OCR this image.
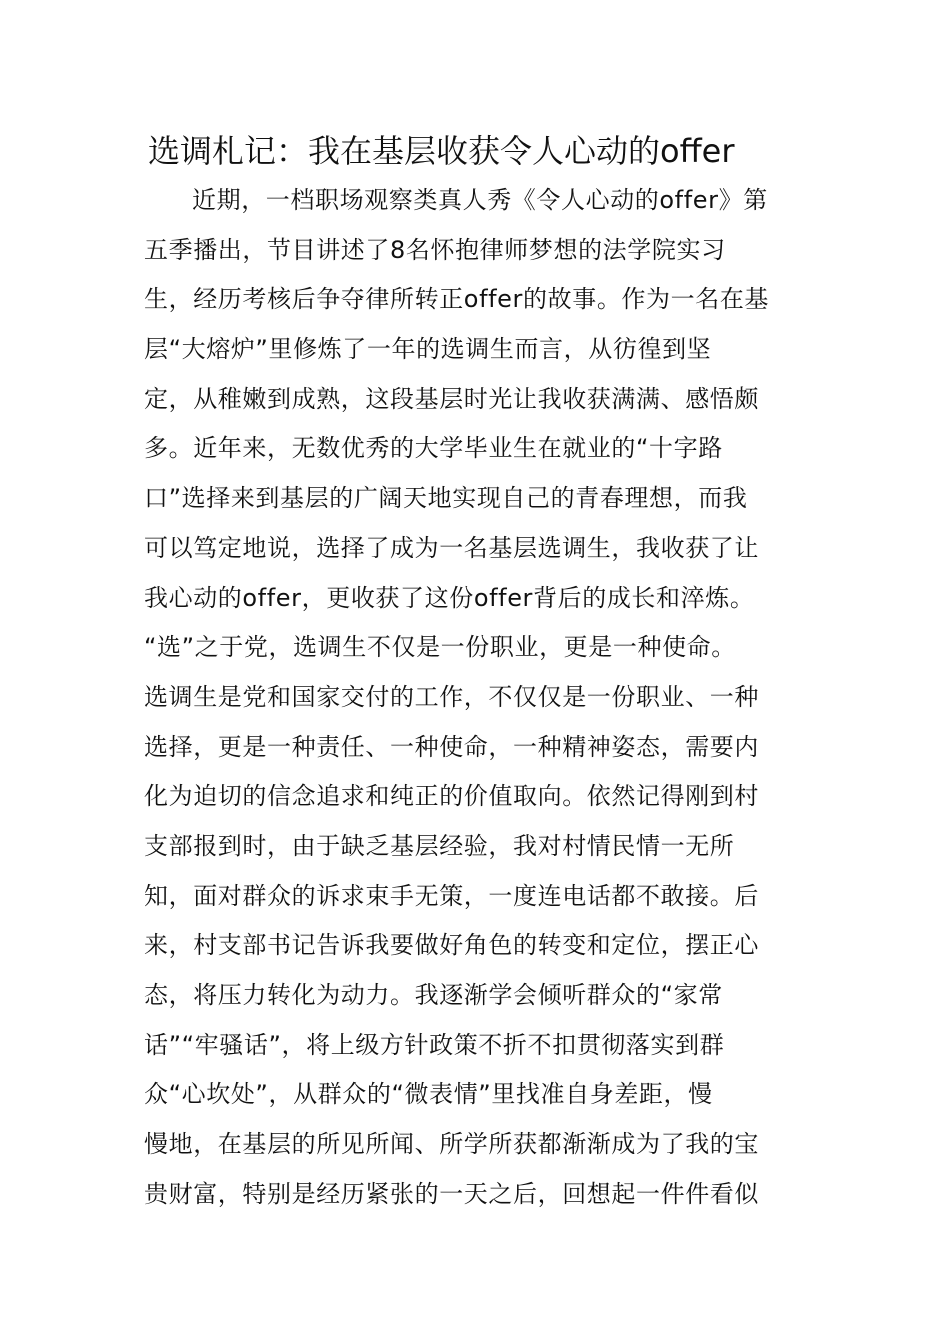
选调札记：我在基层收获令人心动的offer
近期，一档职场观察类真人秀《令人心动的offer》第
五季播出，节目讲述了8名怀抱律师梦想的法学院实习
生，经历考核后争夺律所转正offer的故事。作为一名在基
层“大熔炉”里修炼了一年的选调生而言，从彷徨到坚
定，从稚嫩到成熟，这段基层时光让我收获满满、感悟颇
多。近年来，无数优秀的大学毕业生在就业的“十字路
口”选择来到基层的广阔天地实现自己的青春理想，而我
可以笃定地说，选择了成为一名基层选调生，我收获了让
我心动的offer，更收获了这份offer背后的成长和淬炼。
“选”之于党，选调生不仅是一份职业，更是一种使命。
选调生是党和国家交付的工作，不仅仅是一份职业、一种
选择，更是一种责任、一种使命，一种精神姿态，需要内
化为迫切的信念追求和纯正的价值取向。依然记得刚到村
支部报到时，由于缺乏基层经验，我对村情民情一无所
知，面对群众的诉求束手无策，一度连电话都不敢接。后
来，村支部书记告诉我要做好角色的转变和定位，摆正心
态，将压力转化为动力。我逐渐学会倾听群众的“家常
话”“牢骚话”，将上级方针政策不折不扣贯彻落实到群
众“心坎处”，从群众的“微表情”里找准自身差距，慢
慢地，在基层的所见所闻、所学所获都渐渐成为了我的宝
贵财富，特别是经历紧张的一天之后，回想起一件件看似
